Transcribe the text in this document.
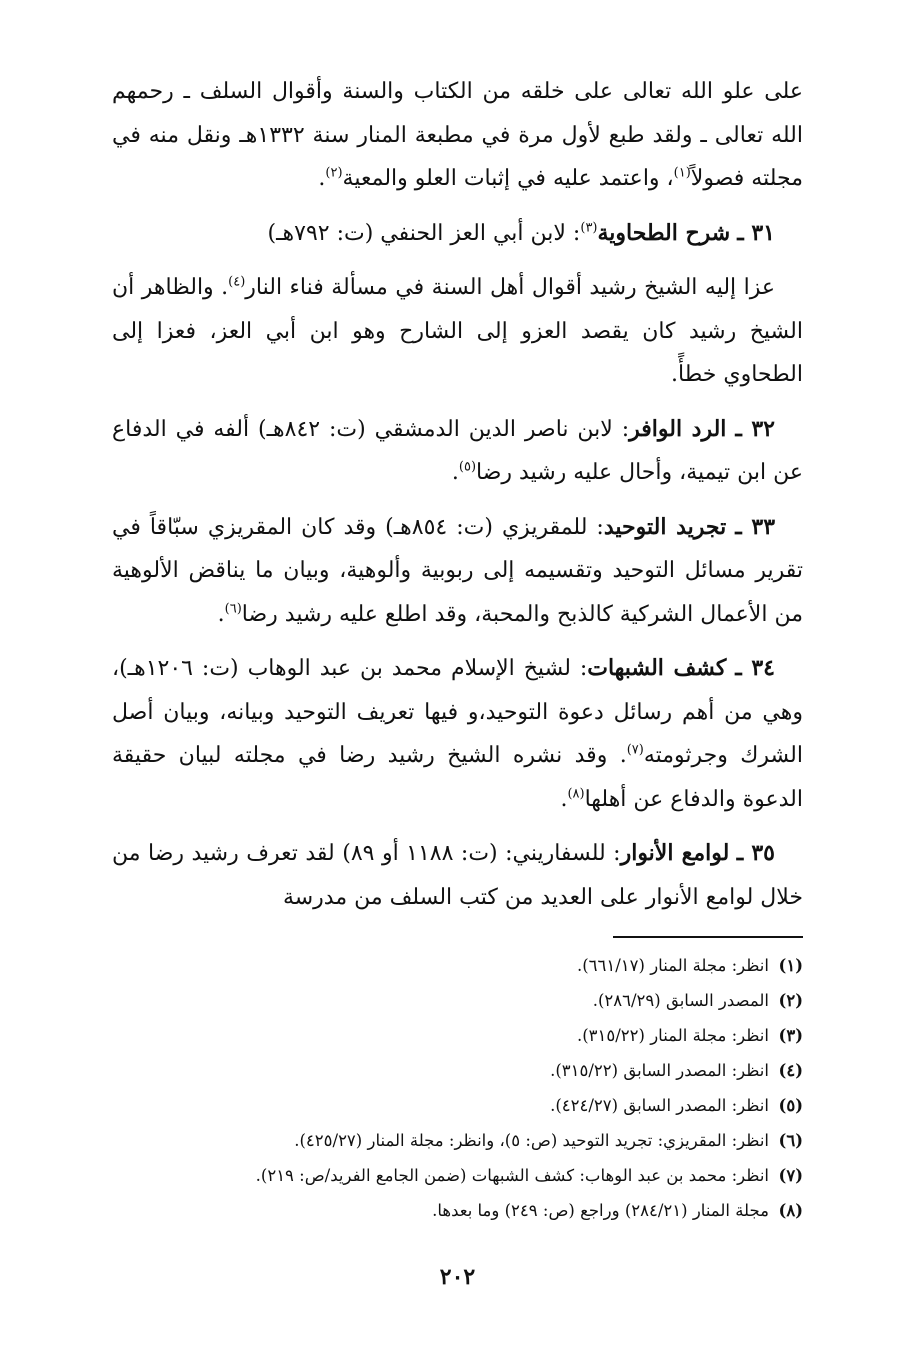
على علو الله تعالى على خلقه من الكتاب والسنة وأقوال السلف ـ رحمهم الله تعالى ـ ولقد طبع لأول مرة في مطبعة المنار سنة ١٣٣٢هـ ونقل منه في مجلته فصولاً$^{(١)}$، واعتمد عليه في إثبات العلو والمعية$^{(٢)}$.

٣١ ـ شرح الطحاوية$^{(٣)}$: لابن أبي العز الحنفي (ت: ٧٩٢هـ)

عزا إليه الشيخ رشيد أقوال أهل السنة في مسألة فناء النار$^{(٤)}$. والظاهر أن الشيخ رشيد كان يقصد العزو إلى الشارح وهو ابن أبي العز، فعزا إلى الطحاوي خطأً.

٣٢ ـ الرد الوافر: لابن ناصر الدين الدمشقي (ت: ٨٤٢هـ) ألفه في الدفاع عن ابن تيمية، وأحال عليه رشيد رضا$^{(٥)}$.

٣٣ ـ تجريد التوحيد: للمقريزي (ت: ٨٥٤هـ) وقد كان المقريزي سبّاقاً في تقرير مسائل التوحيد وتقسيمه إلى ربوبية وألوهية، وبيان ما يناقض الألوهية من الأعمال الشركية كالذبح والمحبة، وقد اطلع عليه رشيد رضا$^{(٦)}$.

٣٤ ـ كشف الشبهات: لشيخ الإسلام محمد بن عبد الوهاب (ت: ١٢٠٦هـ)، وهي من أهم رسائل دعوة التوحيد،و فيها تعريف التوحيد وبيانه، وبيان أصل الشرك وجرثومته$^{(٧)}$. وقد نشره الشيخ رشيد رضا في مجلته لبيان حقيقة الدعوة والدفاع عن أهلها$^{(٨)}$.

٣٥ ـ لوامع الأنوار: للسفاريني: (ت: ١١٨٨ أو ٨٩) لقد تعرف رشيد رضا من خلال لوامع الأنوار على العديد من كتب السلف من مدرسة

(١)انظر: مجلة المنار (٦٦١/١٧).
(٢)المصدر السابق (٢٨٦/٢٩).
(٣)انظر: مجلة المنار (٣١٥/٢٢).
(٤)انظر: المصدر السابق (٣١٥/٢٢).
(٥)انظر: المصدر السابق (٤٢٤/٢٧).
(٦)انظر: المقريزي: تجريد التوحيد (ص: ٥)، وانظر: مجلة المنار (٤٢٥/٢٧).
(٧)انظر: محمد بن عبد الوهاب: كشف الشبهات (ضمن الجامع الفريد/ص: ٢١٩).
(٨)مجلة المنار (٢٨٤/٢١) وراجع (ص: ٢٤٩) وما بعدها.
٢٠٢
